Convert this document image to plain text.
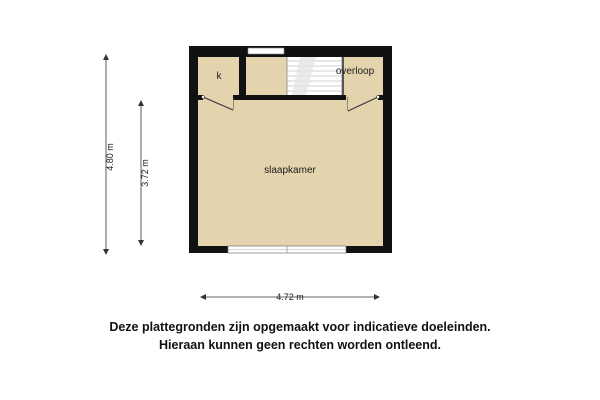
slaapkamer
overloop
k
4.80 m
3.72 m
4.72 m
Deze plattegronden zijn opgemaakt voor indicatieve doeleinden.
Hieraan kunnen geen rechten worden ontleend.
